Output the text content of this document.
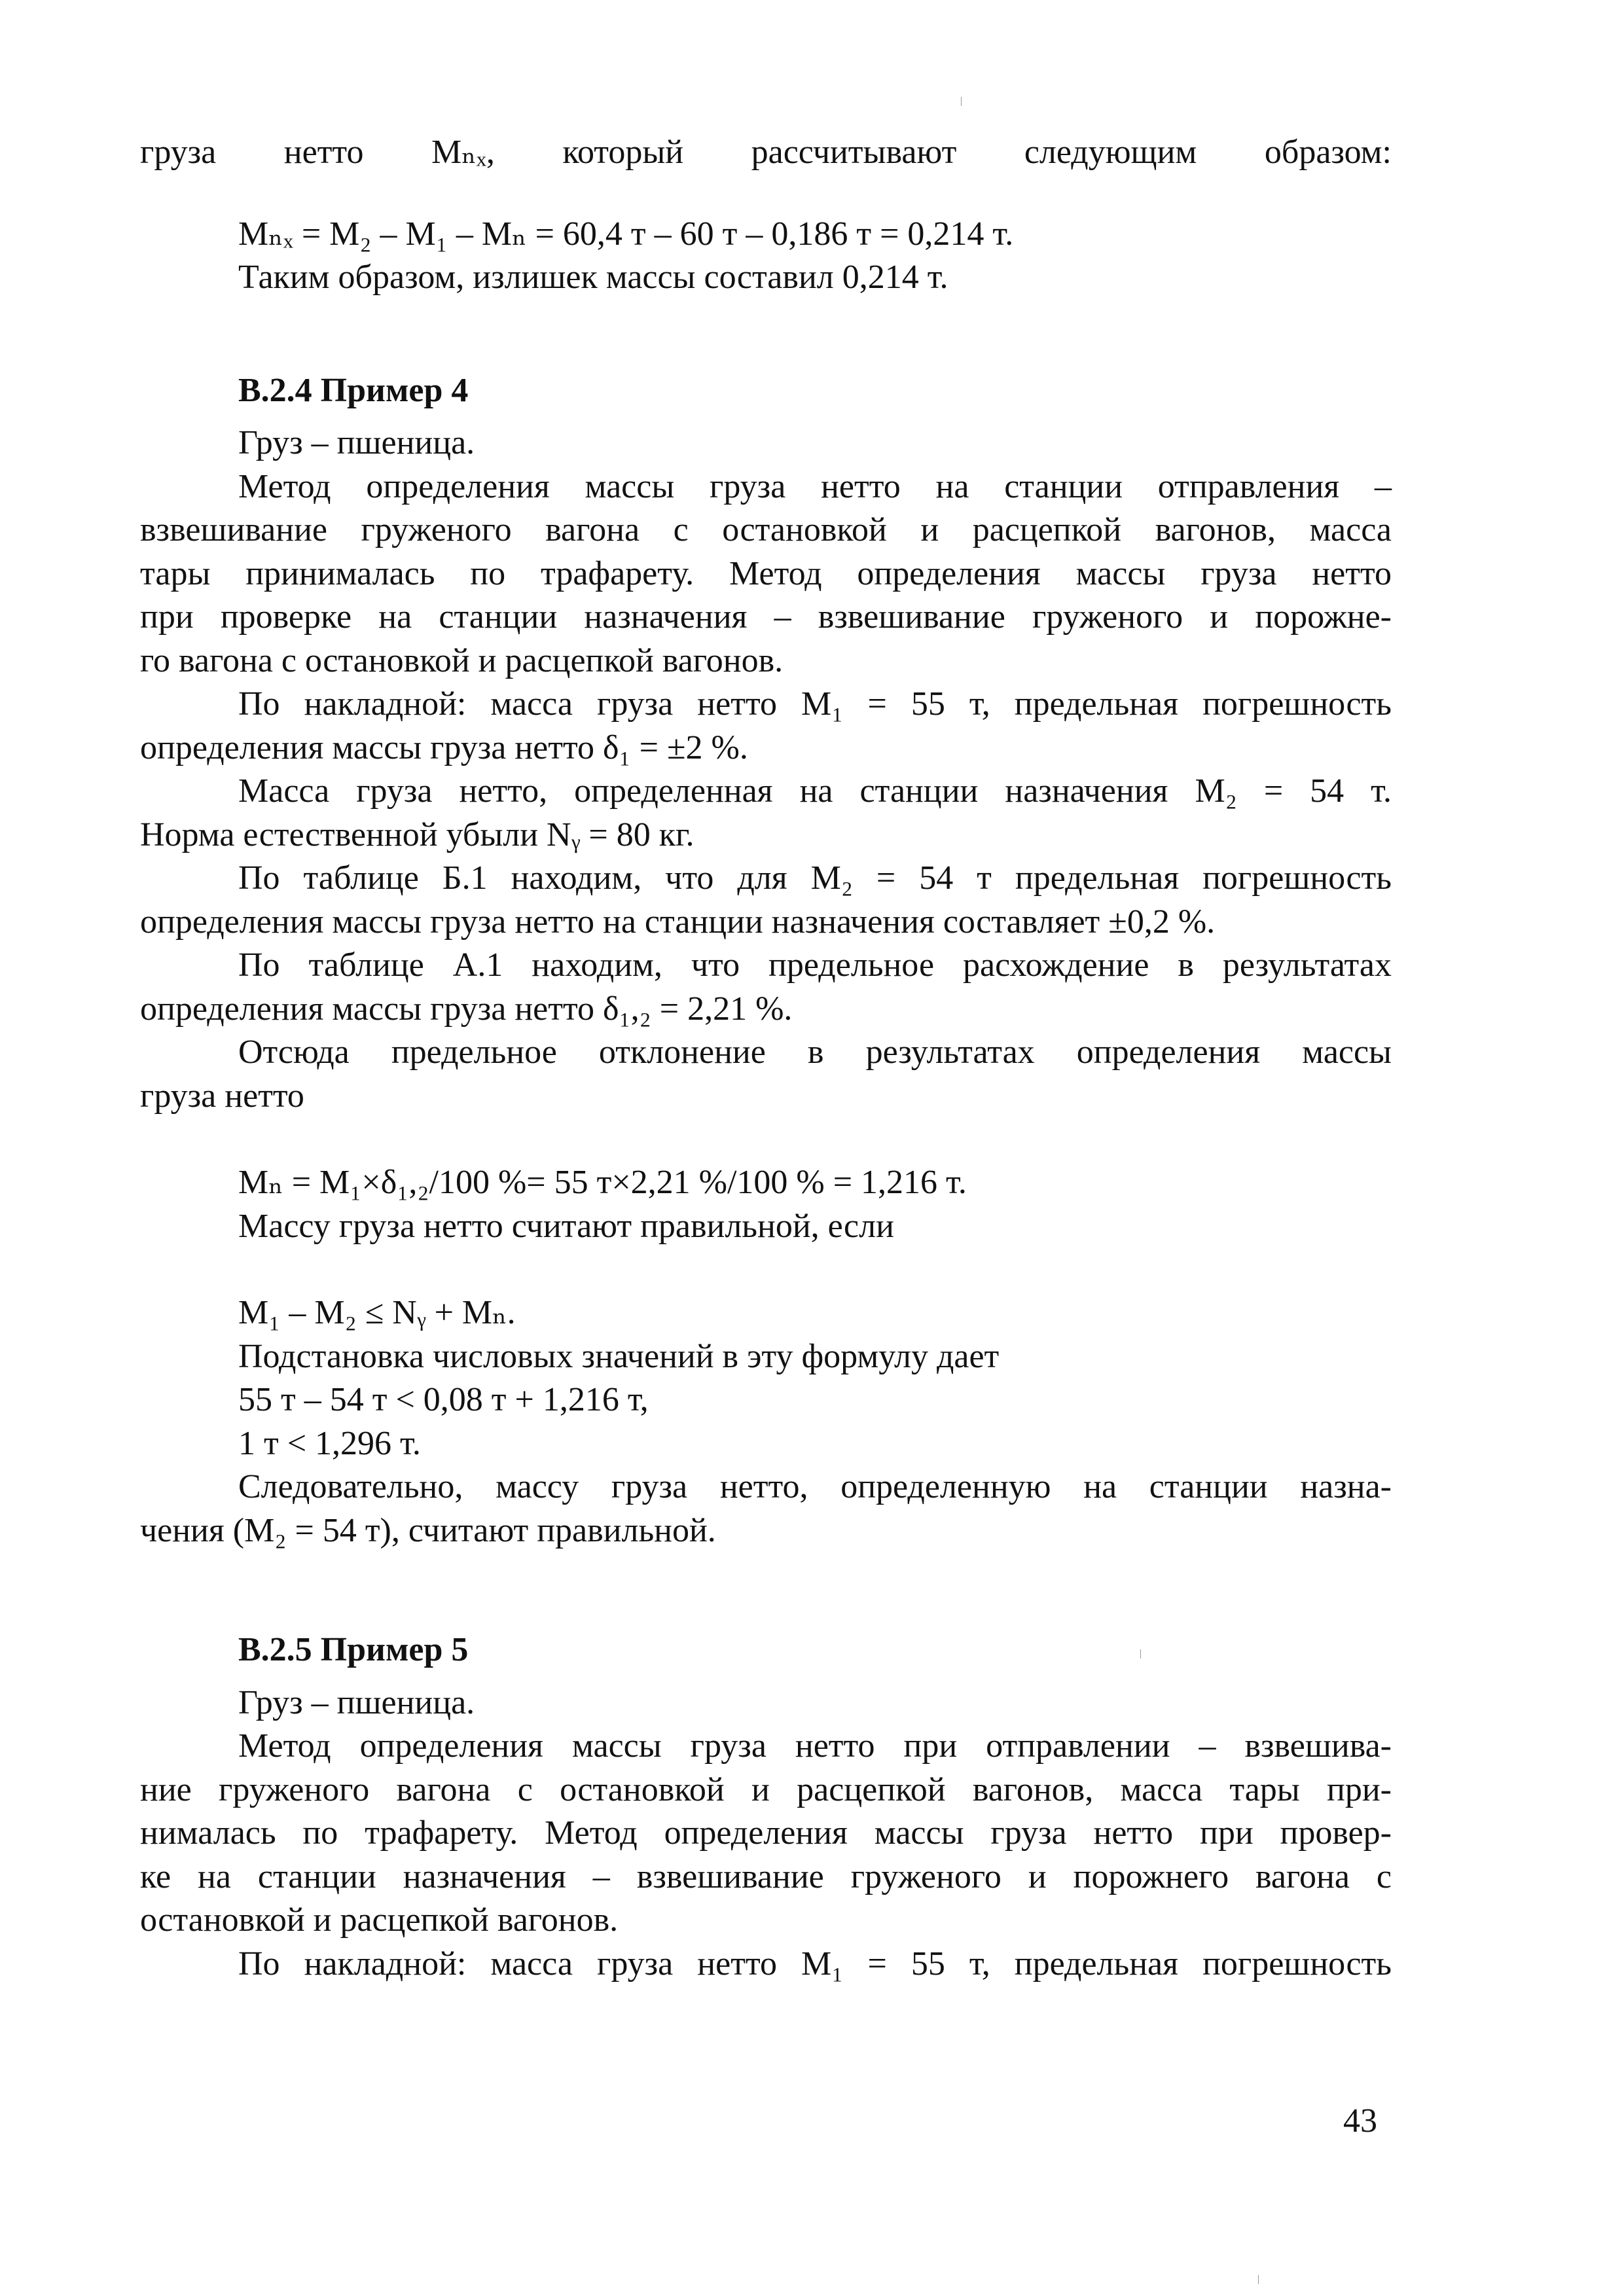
груза нетто Мₙₓ, который рассчитывают следующим образом:
Мₙₓ = М₂ – М₁ – Мₙ = 60,4 т – 60 т – 0,186 т = 0,214 т.
Таким образом, излишек массы составил 0,214 т.
В.2.4 Пример 4
Груз – пшеница.
Метод определения массы груза нетто на станции отправления –
взвешивание груженого вагона с остановкой и расцепкой вагонов, масса
тары принималась по трафарету. Метод определения массы груза нетто
при проверке на станции назначения – взвешивание груженого и порожне-
го вагона с остановкой и расцепкой вагонов.
По накладной: масса груза нетто М₁ = 55 т, предельная погрешность
определения массы груза нетто δ₁ = ±2 %.
Масса груза нетто, определенная на станции назначения М₂ = 54 т.
Норма естественной убыли Nᵧ = 80 кг.
По таблице Б.1 находим, что для М₂ = 54 т предельная погрешность
определения массы груза нетто на станции назначения составляет ±0,2 %.
По таблице А.1 находим, что предельное расхождение в результатах
определения массы груза нетто δ₁,₂ = 2,21 %.
Отсюда предельное отклонение в результатах определения массы
груза нетто
Мₙ = М₁×δ₁,₂/100 %= 55 т×2,21 %/100 % = 1,216 т.
Массу груза нетто считают правильной, если
М₁ – М₂ ≤ Nᵧ + Мₙ.
Подстановка числовых значений в эту формулу дает
55 т – 54 т < 0,08 т + 1,216 т,
1 т < 1,296 т.
Следовательно, массу груза нетто, определенную на станции назна-
чения (М₂ = 54 т), считают правильной.
В.2.5 Пример 5
Груз – пшеница.
Метод определения массы груза нетто при отправлении – взвешива-
ние груженого вагона с остановкой и расцепкой вагонов, масса тары при-
нималась по трафарету. Метод определения массы груза нетто при провер-
ке на станции назначения – взвешивание груженого и порожнего вагона с
остановкой и расцепкой вагонов.
По накладной: масса груза нетто М₁ = 55 т, предельная погрешность
43
